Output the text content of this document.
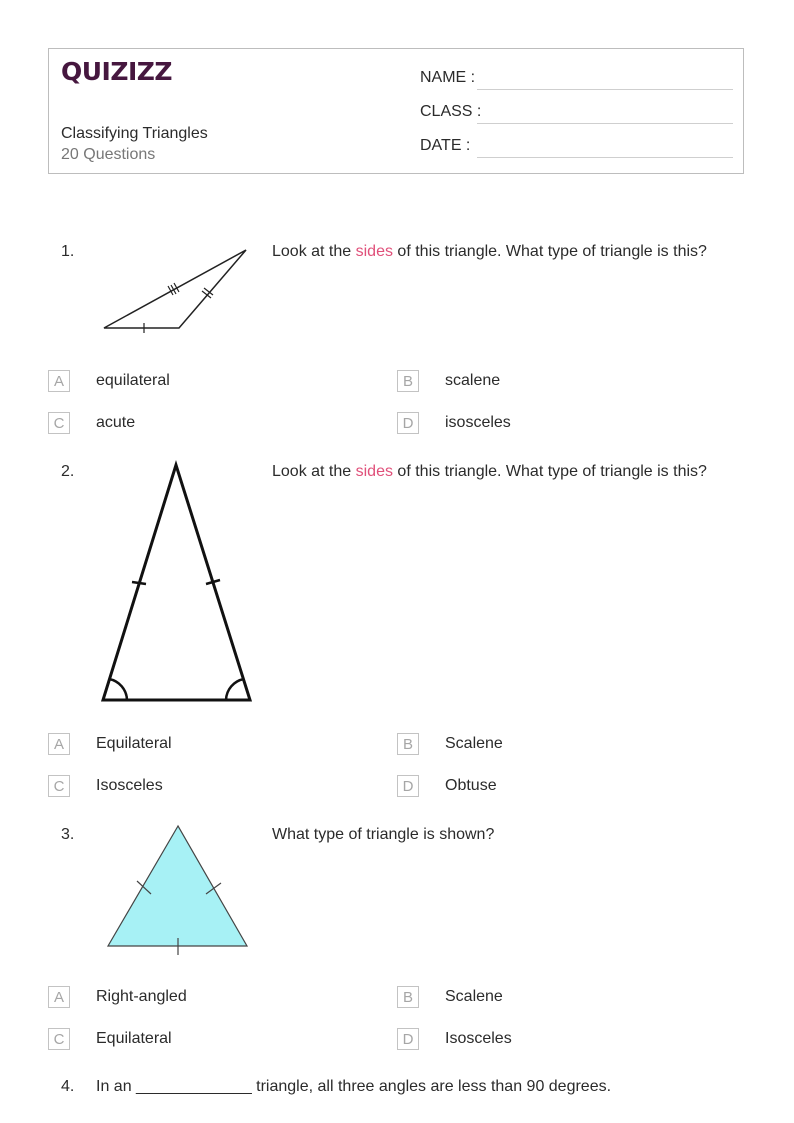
QUIZIZZ
Classifying Triangles
20 Questions
NAME :
CLASS :
DATE :
1.	Look at the sides of this triangle. What type of triangle is this?
A	equilateral	B	scalene
C	acute	D	isosceles
2.	Look at the sides of this triangle. What type of triangle is this?
A	Equilateral	B	Scalene
C	Isosceles	D	Obtuse
3.	What type of triangle is shown?
A	Right-angled	B	Scalene
C	Equilateral	D	Isosceles
4. In an _____________ triangle, all three angles are less than 90 degrees.
